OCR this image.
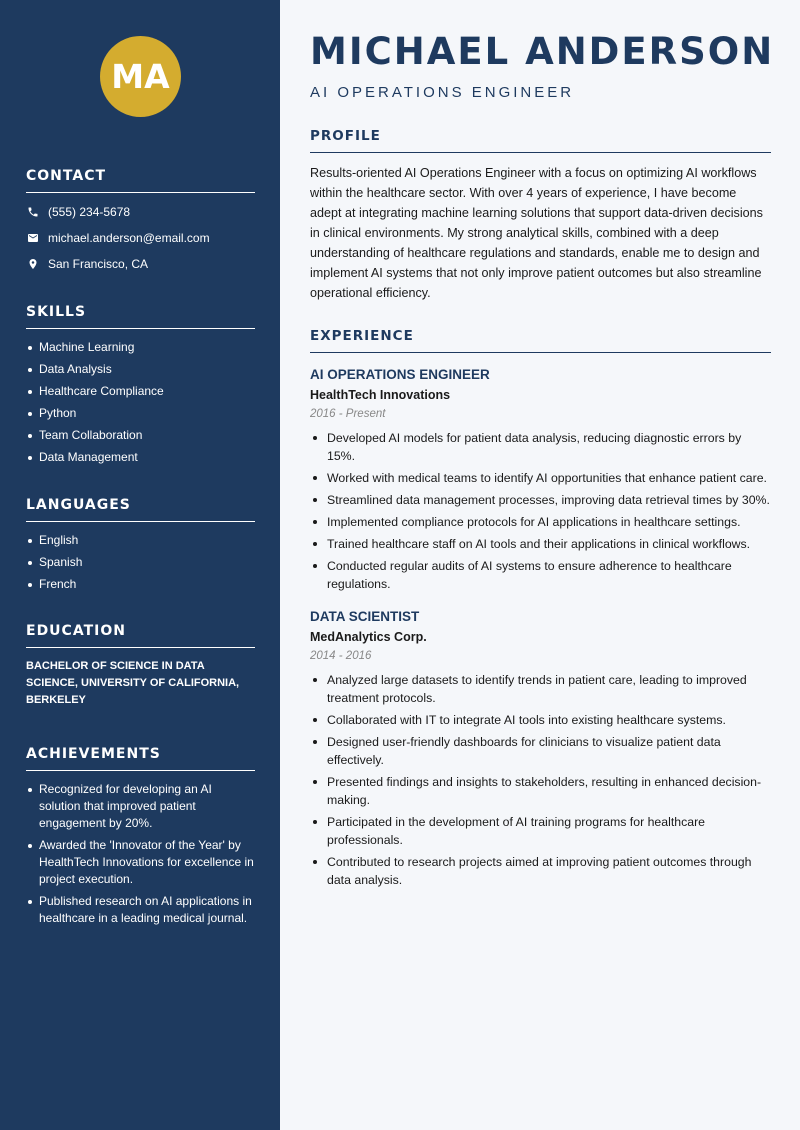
MA
CONTACT
(555) 234-5678
michael.anderson@email.com
San Francisco, CA
SKILLS
Machine Learning
Data Analysis
Healthcare Compliance
Python
Team Collaboration
Data Management
LANGUAGES
English
Spanish
French
EDUCATION

BACHELOR OF SCIENCE IN DATA SCIENCE, UNIVERSITY OF CALIFORNIA, BERKELEY

ACHIEVEMENTS
Recognized for developing an AI solution that improved patient engagement by 20%.
Awarded the 'Innovator of the Year' by HealthTech Innovations for excellence in project execution.
Published research on AI applications in healthcare in a leading medical journal.
MICHAEL ANDERSON
AI OPERATIONS ENGINEER
PROFILE

Results-oriented AI Operations Engineer with a focus on optimizing AI workflows within the healthcare sector. With over 4 years of experience, I have become adept at integrating machine learning solutions that support data-driven decisions in clinical environments. My strong analytical skills, combined with a deep understanding of healthcare regulations and standards, enable me to design and implement AI systems that not only improve patient outcomes but also streamline operational efficiency.

EXPERIENCE
AI OPERATIONS ENGINEER
HealthTech Innovations
2016 - Present
Developed AI models for patient data analysis, reducing diagnostic errors by 15%.
Worked with medical teams to identify AI opportunities that enhance patient care.
Streamlined data management processes, improving data retrieval times by 30%.
Implemented compliance protocols for AI applications in healthcare settings.
Trained healthcare staff on AI tools and their applications in clinical workflows.
Conducted regular audits of AI systems to ensure adherence to healthcare regulations.
DATA SCIENTIST
MedAnalytics Corp.
2014 - 2016
Analyzed large datasets to identify trends in patient care, leading to improved treatment protocols.
Collaborated with IT to integrate AI tools into existing healthcare systems.
Designed user-friendly dashboards for clinicians to visualize patient data effectively.
Presented findings and insights to stakeholders, resulting in enhanced decision-making.
Participated in the development of AI training programs for healthcare professionals.
Contributed to research projects aimed at improving patient outcomes through data analysis.
